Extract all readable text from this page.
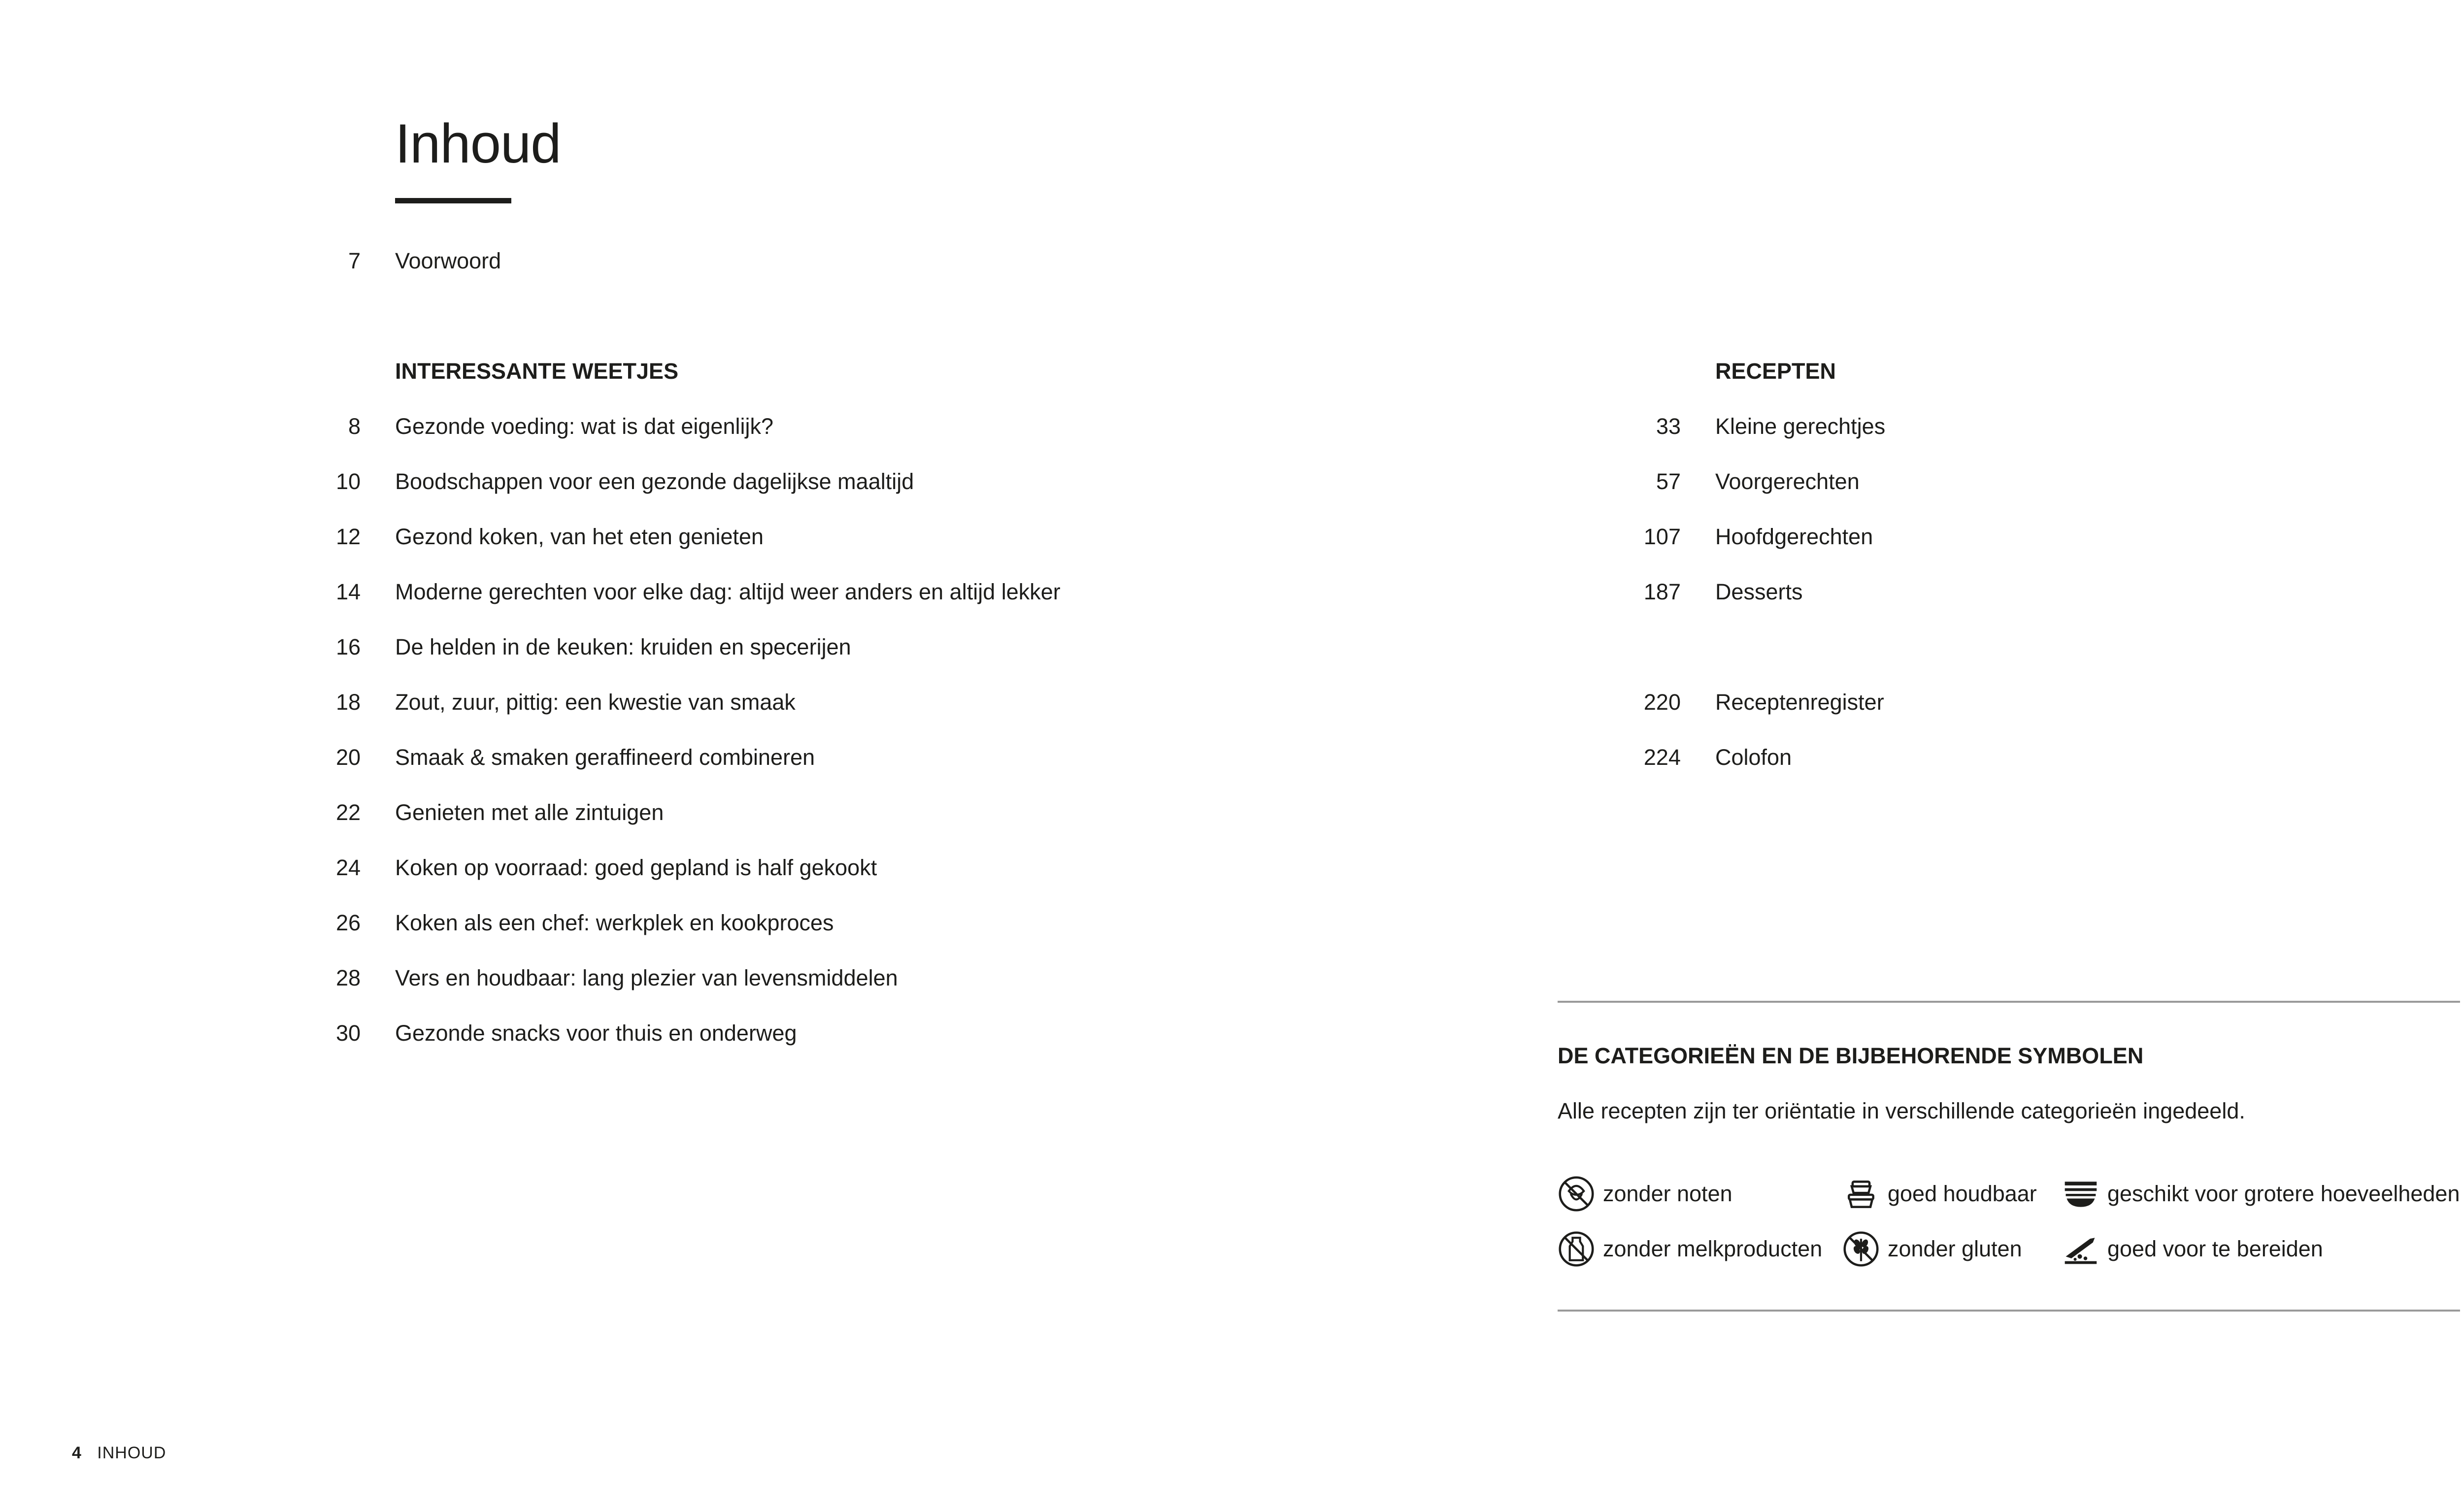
Inhoud
7 Voorwoord
INTERESSANTE WEETJES
8 Gezonde voeding: wat is dat eigenlijk?
10 Boodschappen voor een gezonde dagelijkse maaltijd
12 Gezond koken, van het eten genieten
14 Moderne gerechten voor elke dag: altijd weer anders en altijd lekker
16 De helden in de keuken: kruiden en specerijen
18 Zout, zuur, pittig: een kwestie van smaak
20 Smaak & smaken geraffineerd combineren
22 Genieten met alle zintuigen
24 Koken op voorraad: goed gepland is half gekookt
26 Koken als een chef: werkplek en kookproces
28 Vers en houdbaar: lang plezier van levensmiddelen
30 Gezonde snacks voor thuis en onderweg
RECEPTEN
33 Kleine gerechtjes
57 Voorgerechten
107 Hoofdgerechten
187 Desserts
220 Receptenregister
224 Colofon
DE CATEGORIEËN EN DE BIJBEHORENDE SYMBOLEN
Alle recepten zijn ter oriëntatie in verschillende categorieën ingedeeld.
zonder noten	goed houdbaar	geschikt voor grotere hoeveelheden
zonder melkproducten	zonder gluten	goed voor te bereiden
4 INHOUD
